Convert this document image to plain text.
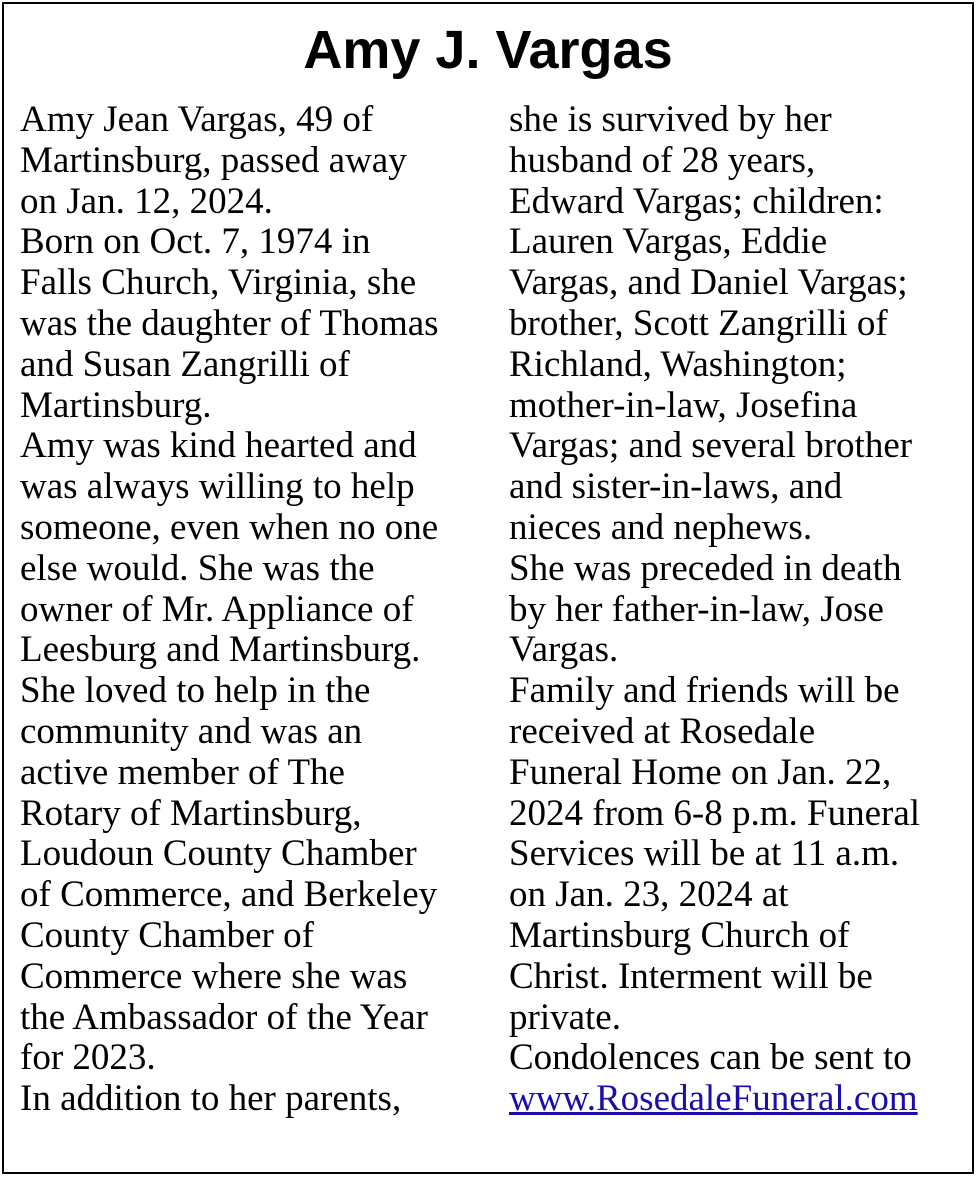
Amy J. Vargas
Amy Jean Vargas, 49 of
Martinsburg, passed away
on Jan. 12, 2024.
Born on Oct. 7, 1974 in
Falls Church, Virginia, she
was the daughter of Thomas
and Susan Zangrilli of
Martinsburg.
Amy was kind hearted and
was always willing to help
someone, even when no one
else would. She was the
owner of Mr. Appliance of
Leesburg and Martinsburg.
She loved to help in the
community and was an
active member of The
Rotary of Martinsburg,
Loudoun County Chamber
of Commerce, and Berkeley
County Chamber of
Commerce where she was
the Ambassador of the Year
for 2023.
In addition to her parents,
she is survived by her
husband of 28 years,
Edward Vargas; children:
Lauren Vargas, Eddie
Vargas, and Daniel Vargas;
brother, Scott Zangrilli of
Richland, Washington;
mother-in-law, Josefina
Vargas; and several brother
and sister-in-laws, and
nieces and nephews.
She was preceded in death
by her father-in-law, Jose
Vargas.
Family and friends will be
received at Rosedale
Funeral Home on Jan. 22,
2024 from 6-8 p.m. Funeral
Services will be at 11 a.m.
on Jan. 23, 2024 at
Martinsburg Church of
Christ. Interment will be
private.
Condolences can be sent to
www.RosedaleFuneral.com
